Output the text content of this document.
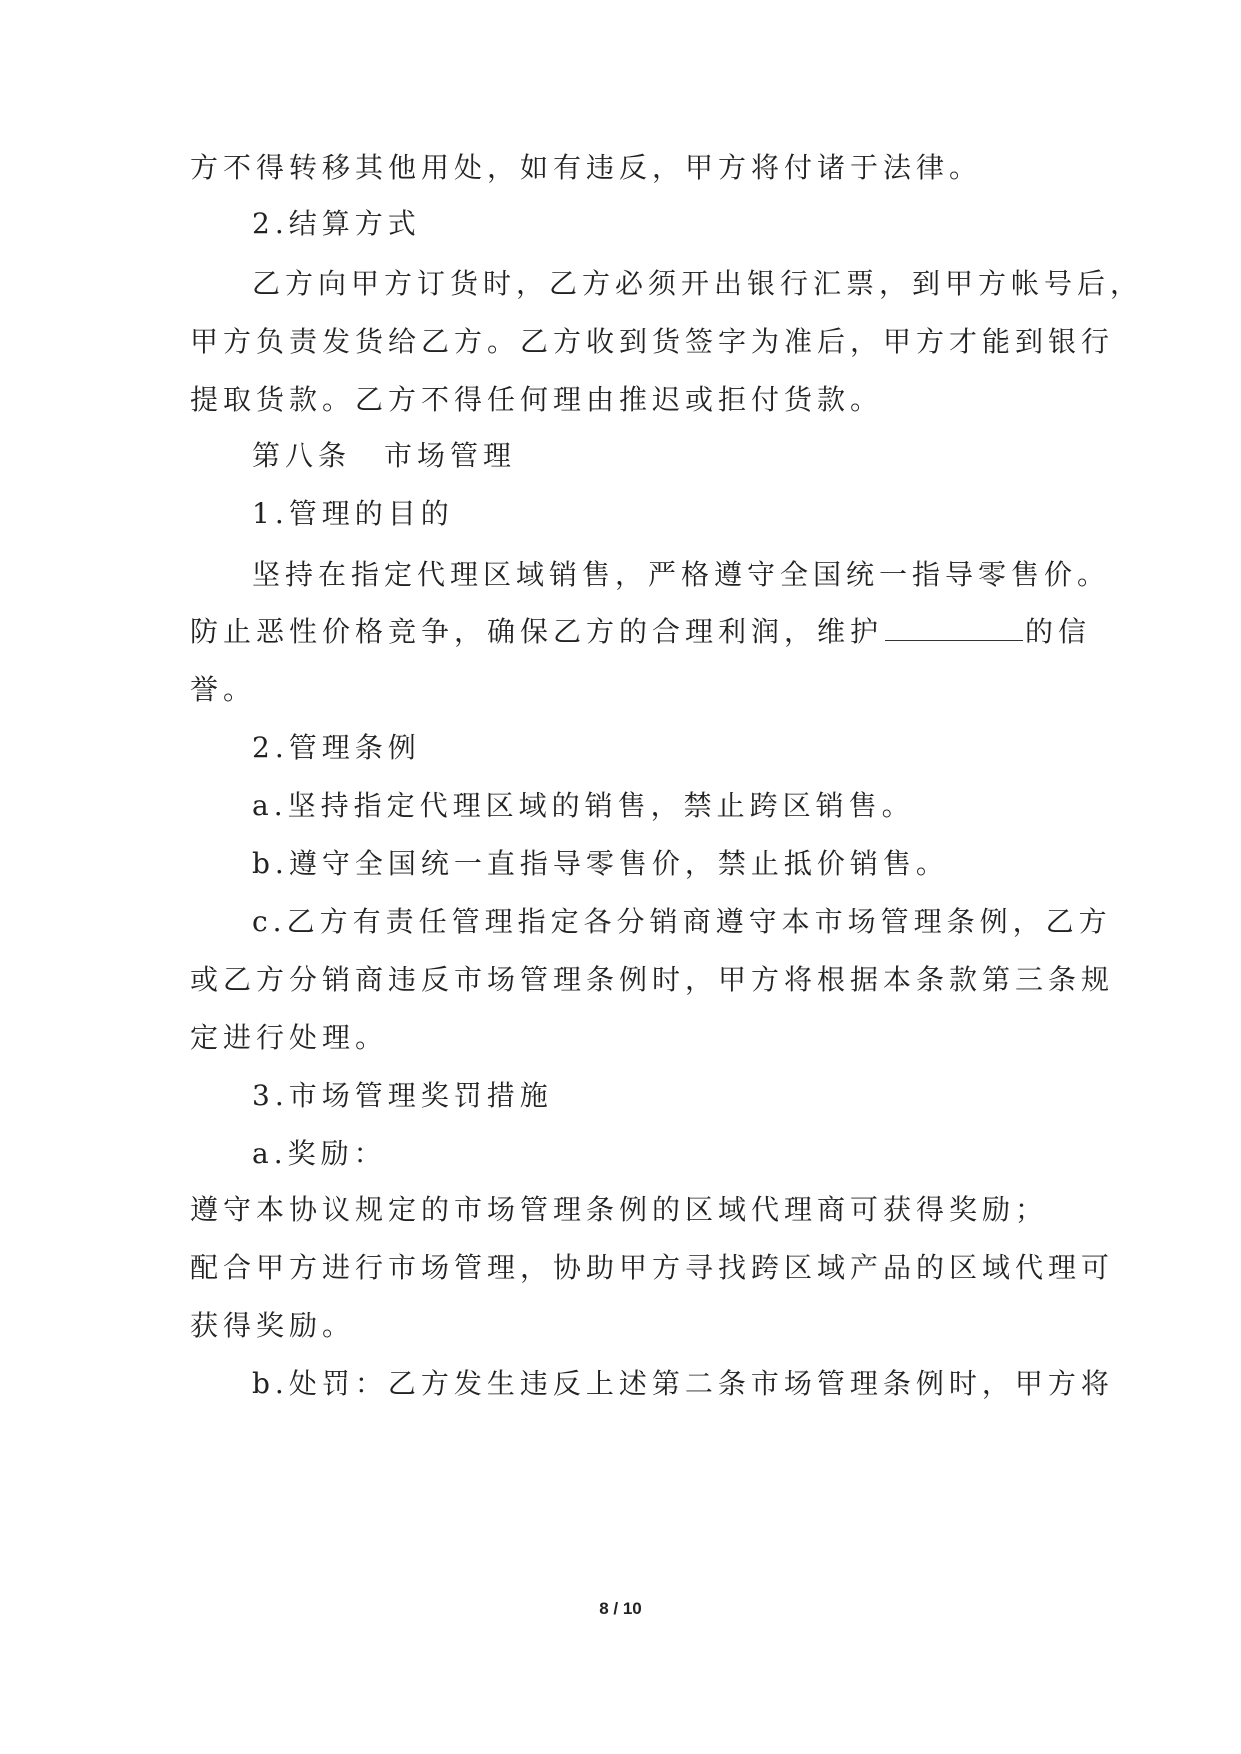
方不得转移其他用处，如有违反，甲方将付诸于法律。
2.结算方式
乙方向甲方订货时，乙方必须开出银行汇票，到甲方帐号后，
甲方负责发货给乙方。乙方收到货签字为准后，甲方才能到银行
提取货款。乙方不得任何理由推迟或拒付货款。
第八条　市场管理
1.管理的目的
坚持在指定代理区域销售，严格遵守全国统一指导零售价。
防止恶性价格竞争，确保乙方的合理利润，维护	的信
誉。
2.管理条例
a.坚持指定代理区域的销售，禁止跨区销售。
b.遵守全国统一直指导零售价，禁止抵价销售。
c.乙方有责任管理指定各分销商遵守本市场管理条例，乙方
或乙方分销商违反市场管理条例时，甲方将根据本条款第三条规
定进行处理。
3.市场管理奖罚措施
a.奖励：
遵守本协议规定的市场管理条例的区域代理商可获得奖励；
配合甲方进行市场管理，协助甲方寻找跨区域产品的区域代理可
获得奖励。
b.处罚：乙方发生违反上述第二条市场管理条例时，甲方将
8 / 10
